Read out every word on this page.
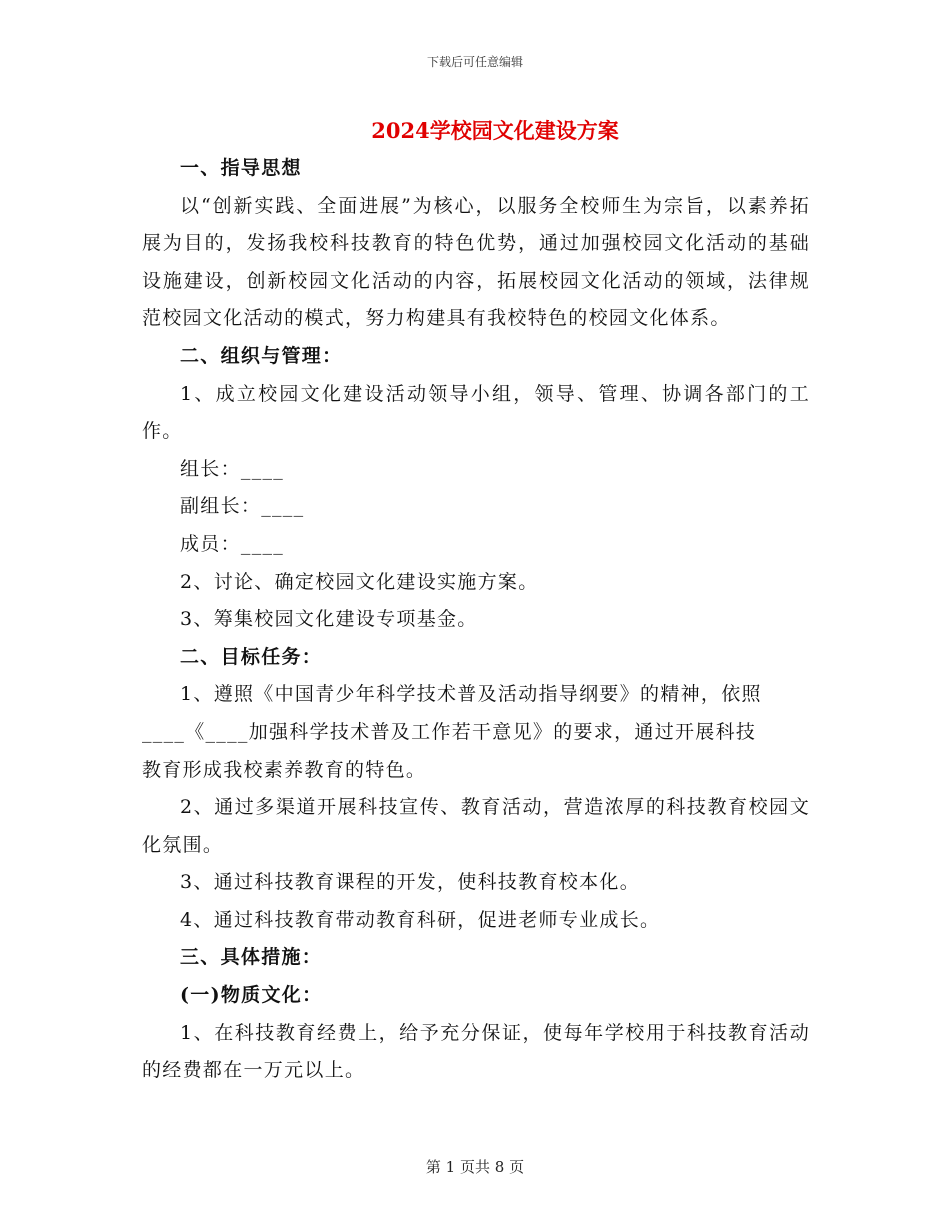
下载后可任意编辑
2024学校园文化建设方案

一、指导思想

以“创新实践、全面进展”为核心，以服务全校师生为宗旨，以素养拓展为目的，发扬我校科技教育的特色优势，通过加强校园文化活动的基础设施建设，创新校园文化活动的内容，拓展校园文化活动的领域，法律规范校园文化活动的模式，努力构建具有我校特色的校园文化体系。

二、组织与管理：

1、成立校园文化建设活动领导小组，领导、管理、协调各部门的工作。

组长：____

副组长：____

成员：____

2、讨论、确定校园文化建设实施方案。

3、筹集校园文化建设专项基金。

二、目标任务：

1、遵照《中国青少年科学技术普及活动指导纲要》的精神，依照

____《____加强科学技术普及工作若干意见》的要求，通过开展科技

教育形成我校素养教育的特色。

2、通过多渠道开展科技宣传、教育活动，营造浓厚的科技教育校园文化氛围。

3、通过科技教育课程的开发，使科技教育校本化。

4、通过科技教育带动教育科研，促进老师专业成长。

三、具体措施：

(一)物质文化：

1、在科技教育经费上，给予充分保证，使每年学校用于科技教育活动的经费都在一万元以上。

第 1 页共 8 页
